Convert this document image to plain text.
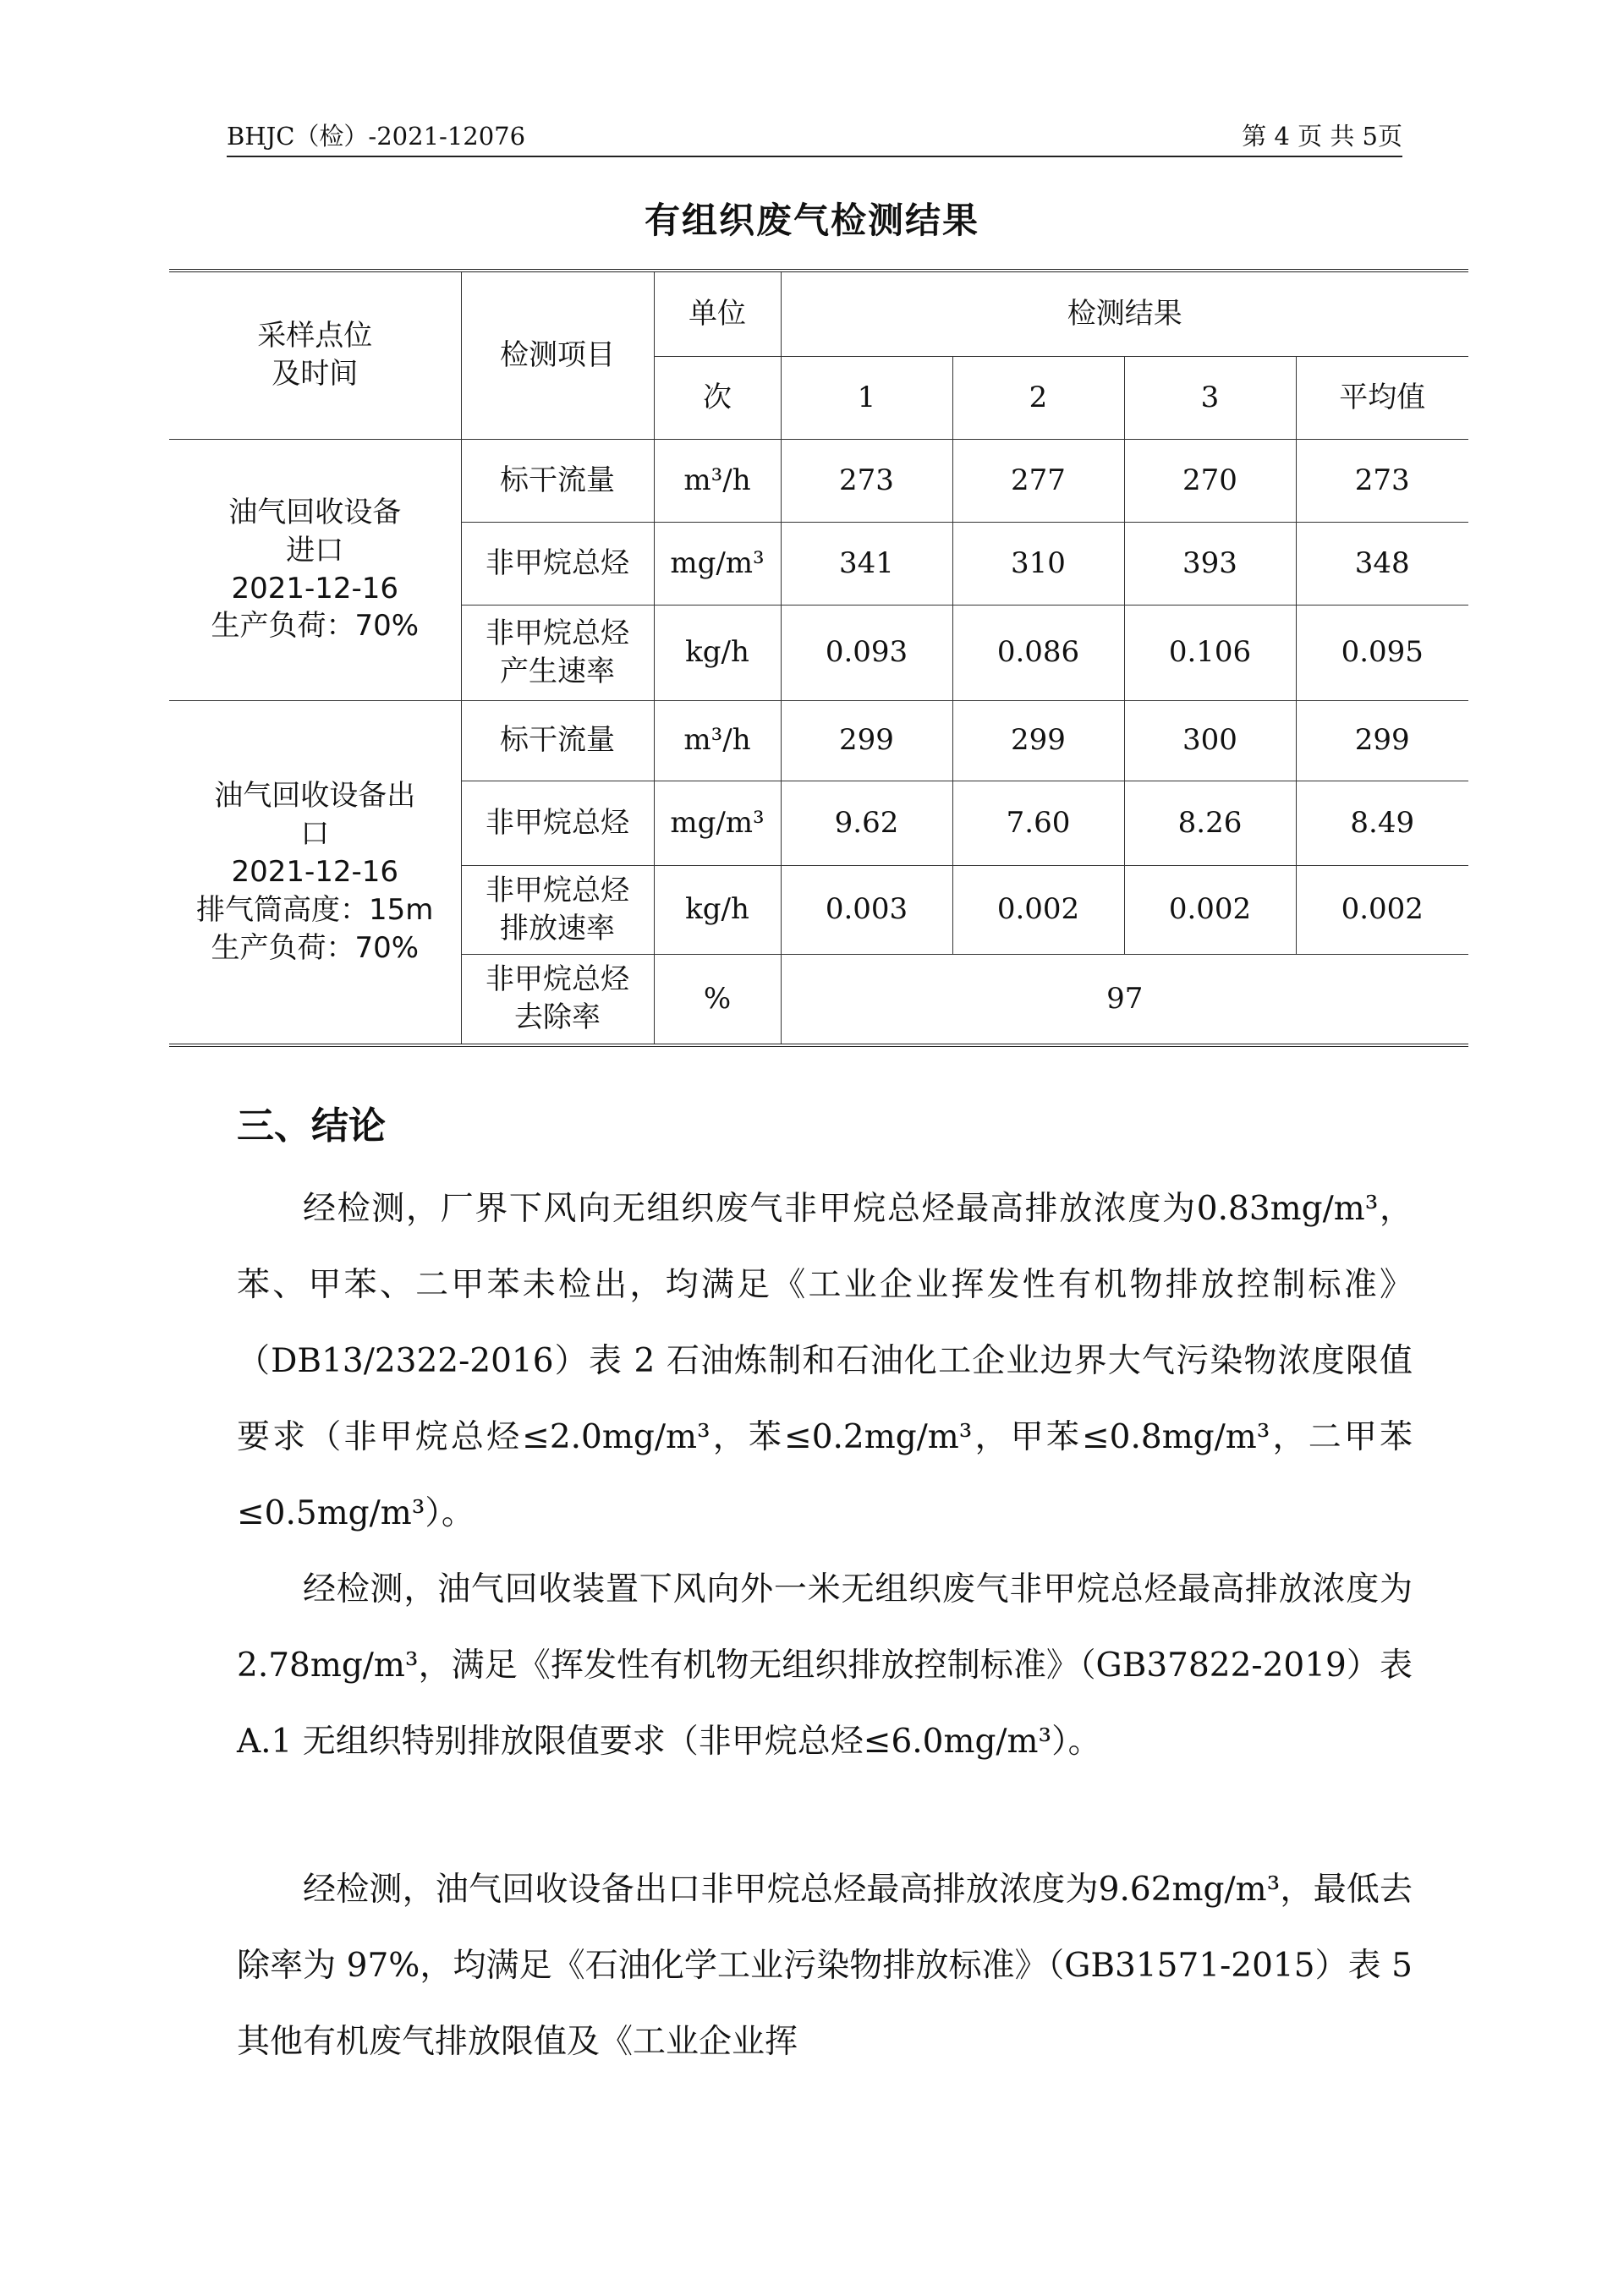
BHJC（检）-2021-12076	第 4 页 共 5页
有组织废气检测结果
采样点位
及时间	检测项目	单位	检测结果			
		次	1	2	3	平均值
油气回收设备
进口
2021-12-16
生产负荷：70%	标干流量	m³/h	273	277	270	273
	非甲烷总烃	mg/m³	341	310	393	348
	非甲烷总烃
产生速率	kg/h	0.093	0.086	0.106	0.095
油气回收设备出
口
2021-12-16
排气筒高度：15m
生产负荷：70%	标干流量	m³/h	299	299	300	299
	非甲烷总烃	mg/m³	9.62	7.60	8.26	8.49
	非甲烷总烃
排放速率	kg/h	0.003	0.002	0.002	0.002
	非甲烷总烃
去除率	%	97			
三、结论
经检测，厂界下风向无组织废气非甲烷总烃最高排放浓度为0.83mg/m³，苯、甲苯、二甲苯未检出，均满足《工业企业挥发性有机物排放控制标准》（DB13/2322-2016）表 2 石油炼制和石油化工企业边界大气污染物浓度限值要求（非甲烷总烃≤2.0mg/m³，苯≤0.2mg/m³，甲苯≤0.8mg/m³，二甲苯≤0.5mg/m³）。
经检测，油气回收装置下风向外一米无组织废气非甲烷总烃最高排放浓度为 2.78mg/m³，满足《挥发性有机物无组织排放控制标准》（GB37822-2019）表 A.1 无组织特别排放限值要求（非甲烷总烃≤6.0mg/m³）。
经检测，油气回收设备出口非甲烷总烃最高排放浓度为9.62mg/m³，最低去除率为 97%，均满足《石油化学工业污染物排放标准》（GB31571-2015）表 5 其他有机废气排放限值及《工业企业挥
